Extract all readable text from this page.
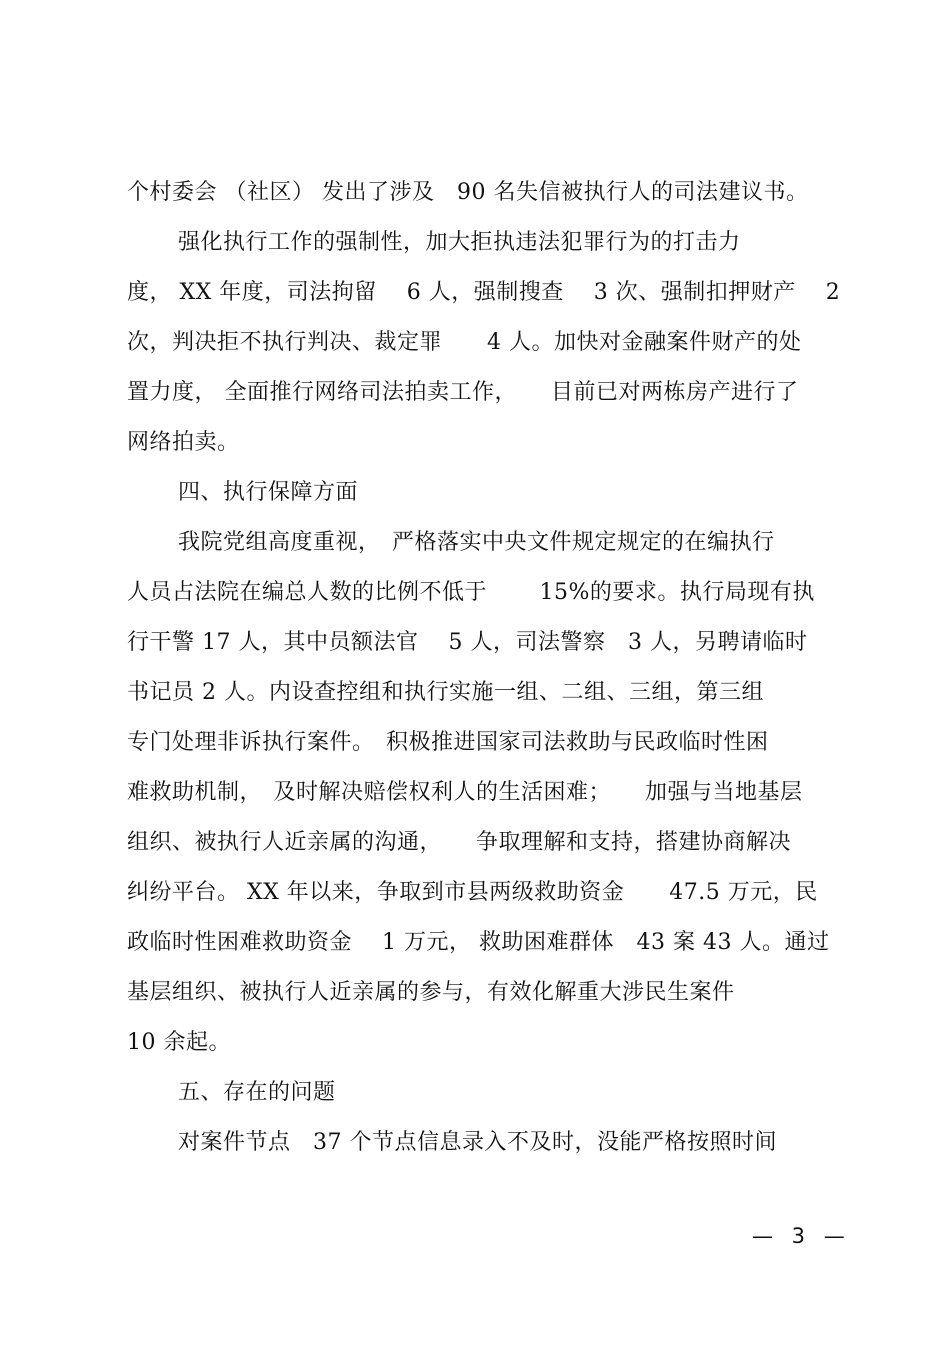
个村委会 （社区） 发出了涉及　90 名失信被执行人的司法建议书。
强化执行工作的强制性，加大拒执违法犯罪行为的打击力
度， XX 年度，司法拘留　 6 人，强制搜查　 3 次、强制扣押财产　 2
次，判决拒不执行判决、裁定罪　　4 人。加快对金融案件财产的处
置力度， 全面推行网络司法拍卖工作，　　目前已对两栋房产进行了
网络拍卖。
四、执行保障方面
我院党组高度重视，　严格落实中央文件规定规定的在编执行
人员占法院在编总人数的比例不低于　　 15%的要求。执行局现有执
行干警 17 人，其中员额法官　 5 人，司法警察　3 人，另聘请临时
书记员 2 人。内设查控组和执行实施一组、二组、三组，第三组
专门处理非诉执行案件。　积极推进国家司法救助与民政临时性困
难救助机制，　及时解决赔偿权利人的生活困难；　　加强与当地基层
组织、被执行人近亲属的沟通，　　争取理解和支持，搭建协商解决
纠纷平台。 XX 年以来，争取到市县两级救助资金　　47.5 万元，民
政临时性困难救助资金　 1 万元， 救助困难群体　43 案 43 人。通过
基层组织、被执行人近亲属的参与，有效化解重大涉民生案件
10 余起。
五、存在的问题
对案件节点　37 个节点信息录入不及时，没能严格按照时间
— 3 —
